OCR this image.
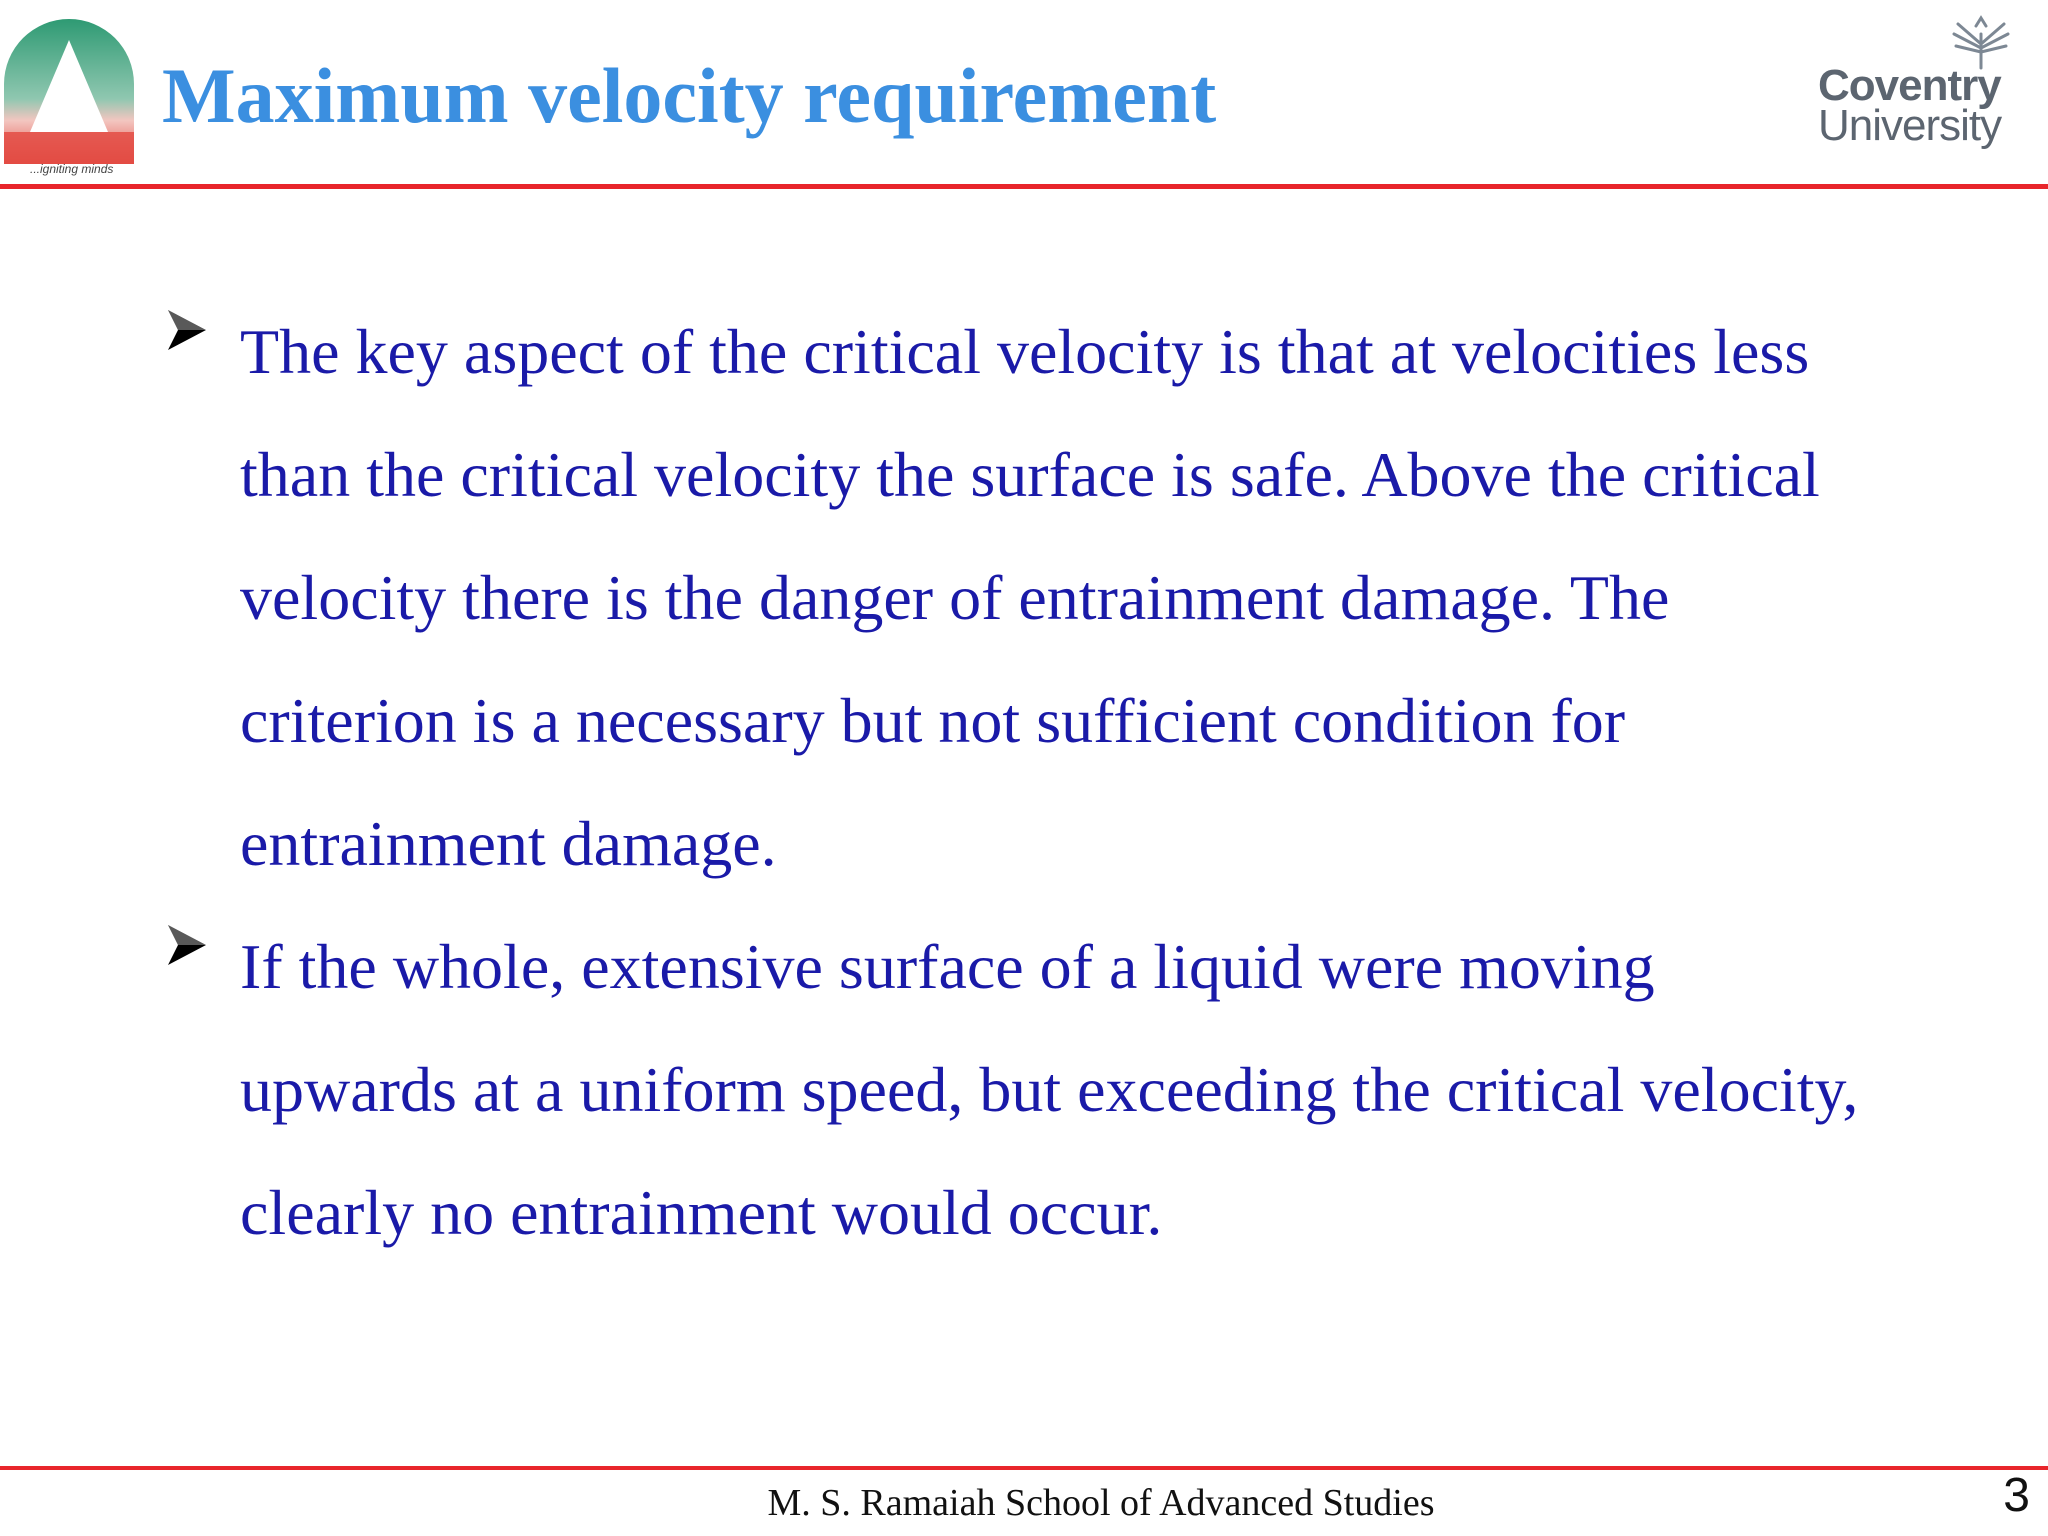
...igniting minds
Maximum velocity requirement	Coventry
University
The key aspect of the critical velocity is that at velocities less than the critical velocity the surface is safe. Above the critical velocity there is the danger of entrainment damage. The criterion is a necessary but not sufficient condition for entrainment damage.
If the whole, extensive surface of a liquid were moving upwards at a uniform speed, but exceeding the critical velocity, clearly no entrainment would occur.
M. S. Ramaiah School of Advanced Studies	3
